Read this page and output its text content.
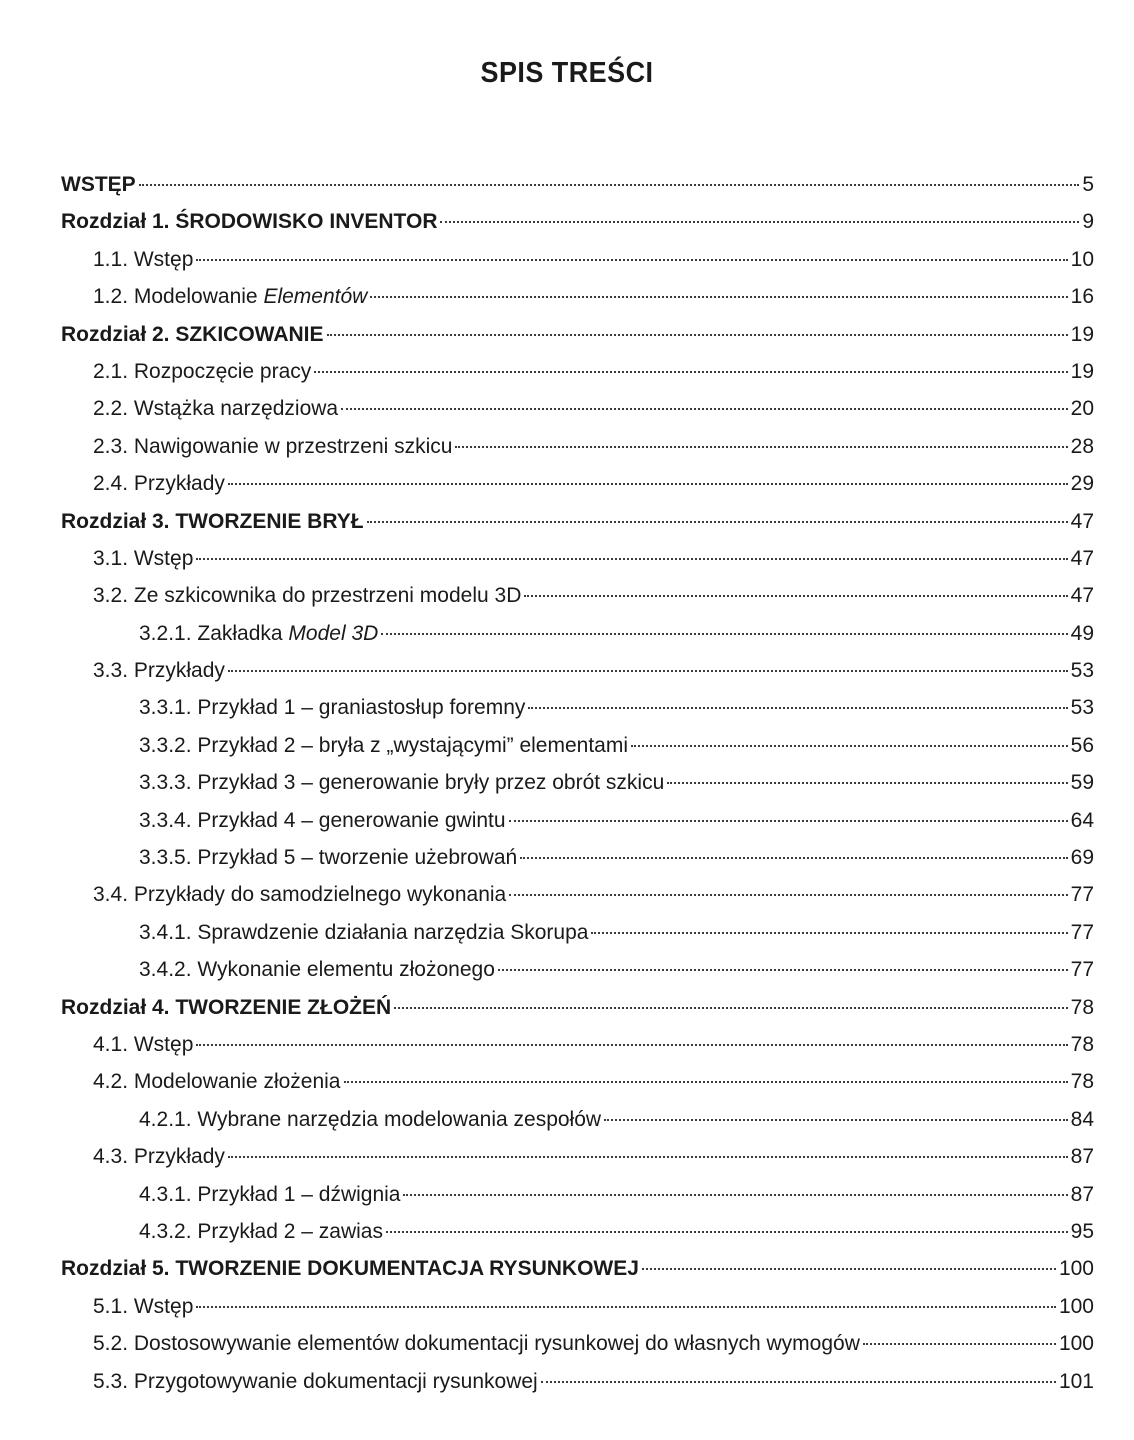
SPIS TREŚCI
WSTĘP	5
Rozdział 1. ŚRODOWISKO INVENTOR	9
1.1. Wstęp	10
1.2. Modelowanie Elementów	16
Rozdział 2. SZKICOWANIE	19
2.1. Rozpoczęcie pracy	19
2.2. Wstążka narzędziowa	20
2.3. Nawigowanie w przestrzeni szkicu	28
2.4. Przykłady	29
Rozdział 3. TWORZENIE BRYŁ	47
3.1. Wstęp	47
3.2. Ze szkicownika do przestrzeni modelu 3D	47
3.2.1. Zakładka Model 3D	49
3.3. Przykłady	53
3.3.1. Przykład 1 – graniastosłup foremny	53
3.3.2. Przykład 2 – bryła z „wystającymi” elementami	56
3.3.3. Przykład 3 – generowanie bryły przez obrót szkicu	59
3.3.4. Przykład 4 – generowanie gwintu	64
3.3.5. Przykład 5 – tworzenie użebrowań	69
3.4. Przykłady do samodzielnego wykonania	77
3.4.1. Sprawdzenie działania narzędzia Skorupa	77
3.4.2. Wykonanie elementu złożonego	77
Rozdział 4. TWORZENIE ZŁOŻEŃ	78
4.1. Wstęp	78
4.2. Modelowanie złożenia	78
4.2.1. Wybrane narzędzia modelowania zespołów	84
4.3. Przykłady	87
4.3.1. Przykład 1 – dźwignia	87
4.3.2. Przykład 2 – zawias	95
Rozdział 5. TWORZENIE DOKUMENTACJA RYSUNKOWEJ	100
5.1. Wstęp	100
5.2. Dostosowywanie elementów dokumentacji rysunkowej do własnych wymogów	100
5.3. Przygotowywanie dokumentacji rysunkowej	101
